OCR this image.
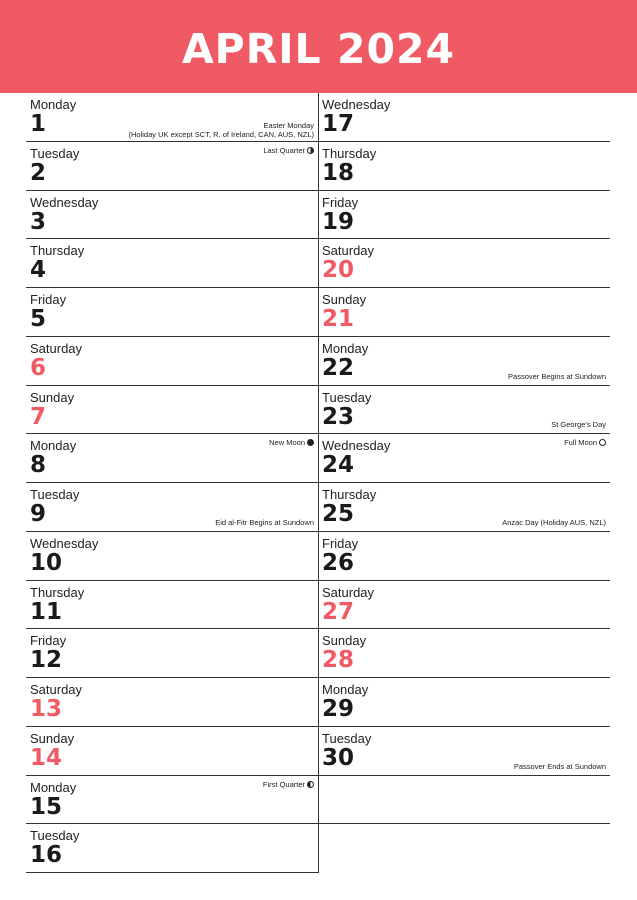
APRIL 2024
Monday
1	Easter Monday
(Holiday UK except SCT, R. of Ireland, CAN, AUS, NZL)
Tuesday
2
Last Quarter
Wednesday
3
Thursday
4
Friday
5
Saturday
6
Sunday
7
Monday
8
New Moon
Tuesday
9	Eid al-Fitr Begins at Sundown
Wednesday
10
Thursday
11
Friday
12
Saturday
13
Sunday
14
Monday
15
First Quarter
Tuesday
16
Wednesday
17
Thursday
18
Friday
19
Saturday
20
Sunday
21
Monday
22	Passover Begins at Sundown
Tuesday
23	St George's Day
Wednesday
24
Full Moon
Thursday
25	Anzac Day (Holiday AUS, NZL)
Friday
26
Saturday
27
Sunday
28
Monday
29
Tuesday
30	Passover Ends at Sundown
